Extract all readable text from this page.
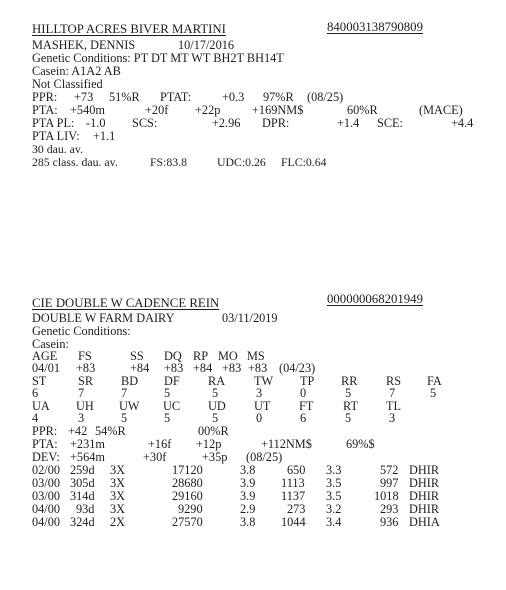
HILLTOP ACRES BIVER MARTINI	840003138790809
MASHEK, DENNIS	10/17/2016
Genetic Conditions: PT DT MT WT BH2T BH14T
Casein: A1A2 AB
Not Classified
PPR: +73 51%R PTAT:	+0.3 97%R (08/25)
PTA: +540m	+20f +22p	+169NM$	60%R	(MACE)
PTA PL: -1.0 SCS:	+2.96 DPR:	+1.4 SCE:	+4.4
PTA LIV: +1.1
30 dau. av.
285 class. dau. av.	FS:83.8	UDC:0.26 FLC:0.64
CIE DOUBLE W CADENCE REIN	000000068201949
DOUBLE W FARM DAIRY	03/11/2019
Genetic Conditions:
Casein:
AGE FS	SS DQ RP MO MS
04/01 +83	+84 +83 +84 +83 +83 (04/23)
ST	SR BD DF RA TW TP RR RS FA
6	7	7	5	5	3	0	5	7	5
UA UH UW UC UD UT FT RT TL
4	3	5	5	5	0	6	5	3
PPR: +42 54%R	00%R
PTA: +231m	+16f +12p	+112NM$	69%$
DEV: +564m	+30f	+35p (08/25)
02/00 259d 3X	17120	3.8	650 3.3	572 DHIR
03/00 305d 3X	28680	3.9 1113 3.5	997 DHIR
03/00 314d 3X	29160	3.9 1137 3.5	1018 DHIR
04/00 93d 3X	9290	2.9	273 3.2	293 DHIR
04/00 324d 2X	27570	3.8 1044 3.4	936 DHIA
